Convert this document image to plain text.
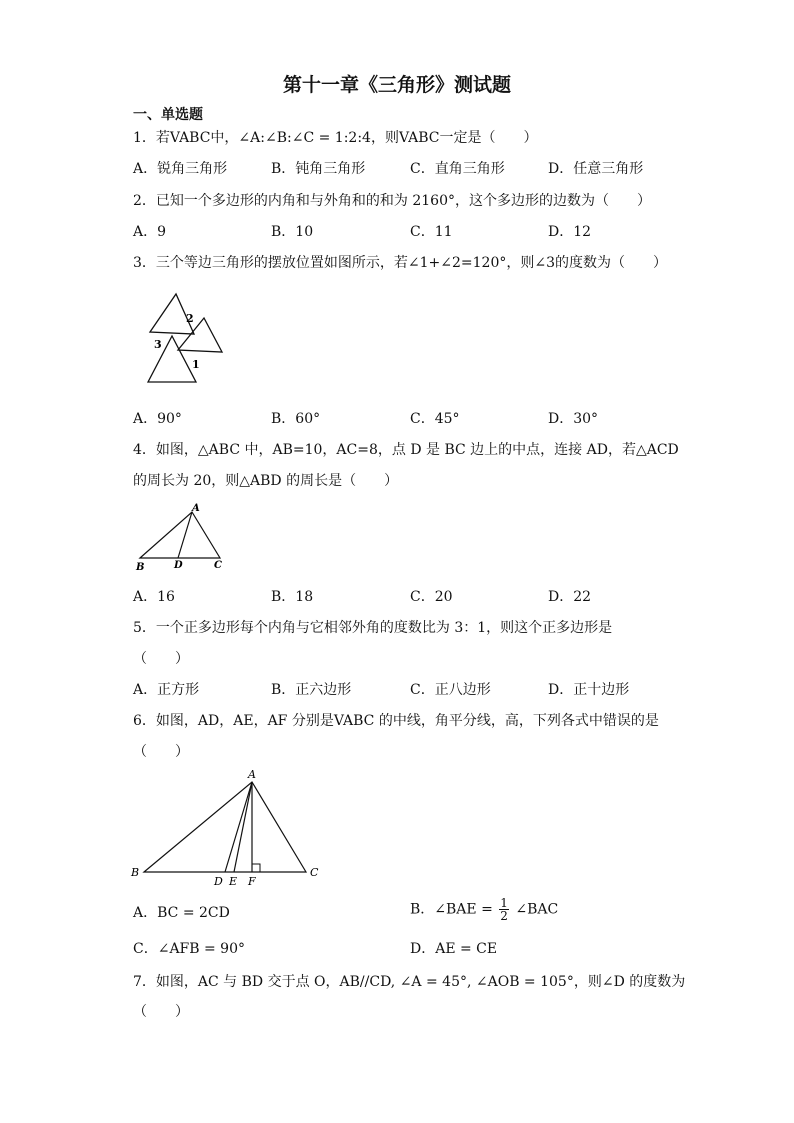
第十一章《三角形》测试题
一、单选题
1．若VABC中，∠A:∠B:∠C = 1:2:4，则VABC一定是（　　）
A．锐角三角形	B．钝角三角形	C．直角三角形	D．任意三角形
2．已知一个多边形的内角和与外角和的和为 2160°，这个多边形的边数为（　　）
A．9	B．10	C．11	D．12
3．三个等边三角形的摆放位置如图所示，若∠1+∠2=120°，则∠3的度数为（　　）
2
3
1
A．90°	B．60°	C．45°	D．30°
4．如图，△ABC 中，AB=10，AC=8，点 D 是 BC 边上的中点，连接 AD，若△ACD
的周长为 20，则△ABD 的周长是（　　）
A
B	D	C
A．16	B．18	C．20	D．22
5．一个正多边形每个内角与它相邻外角的度数比为 3：1，则这个正多边形是
（　　）
A．正方形	B．正六边形	C．正八边形	D．正十边形
6．如图，AD，AE，AF 分别是VABC 的中线，角平分线，高，下列各式中错误的是
（　　）
A
B
D E F
C
A．BC = 2CD	B．∠BAE = $\frac{1}{2}$ ∠BAC
C．∠AFB = 90°	D．AE = CE
7．如图，AC 与 BD 交于点 O，AB//CD, ∠A = 45°, ∠AOB = 105°，则∠D 的度数为
（　　）
